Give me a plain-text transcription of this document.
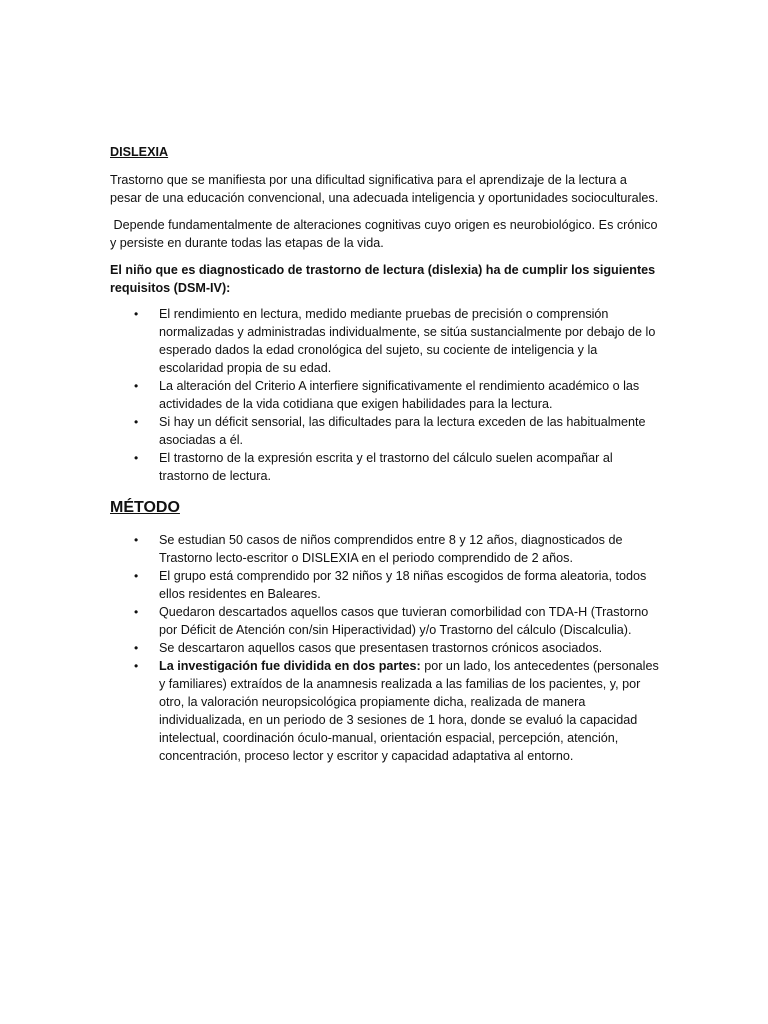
DISLEXIA

Trastorno que se manifiesta por una dificultad significativa para el aprendizaje de la lectura a pesar de una educación convencional, una adecuada inteligencia y oportunidades socioculturales.

Depende fundamentalmente de alteraciones cognitivas cuyo origen es neurobiológico. Es crónico y persiste en durante todas las etapas de la vida.

El niño que es diagnosticado de trastorno de lectura (dislexia) ha de cumplir los siguientes requisitos (DSM-IV):

• El rendimiento en lectura, medido mediante pruebas de precisión o comprensión normalizadas y administradas individualmente, se sitúa sustancialmente por debajo de lo esperado dados la edad cronológica del sujeto, su cociente de inteligencia y la escolaridad propia de su edad.
• La alteración del Criterio A interfiere significativamente el rendimiento académico o las actividades de la vida cotidiana que exigen habilidades para la lectura.
• Si hay un déficit sensorial, las dificultades para la lectura exceden de las habitualmente asociadas a él.
• El trastorno de la expresión escrita y el trastorno del cálculo suelen acompañar al trastorno de lectura.
MÉTODO
• Se estudian 50 casos de niños comprendidos entre 8 y 12 años, diagnosticados de Trastorno lecto-escritor o DISLEXIA en el periodo comprendido de 2 años.
• El grupo está comprendido por 32 niños y 18 niñas escogidos de forma aleatoria, todos ellos residentes en Baleares.
• Quedaron descartados aquellos casos que tuvieran comorbilidad con TDA-H (Trastorno por Déficit de Atención con/sin Hiperactividad) y/o Trastorno del cálculo (Discalculia).
• Se descartaron aquellos casos que presentasen trastornos crónicos asociados.
• La investigación fue dividida en dos partes: por un lado, los antecedentes (personales y familiares) extraídos de la anamnesis realizada a las familias de los pacientes, y, por otro, la valoración neuropsicológica propiamente dicha, realizada de manera individualizada, en un periodo de 3 sesiones de 1 hora, donde se evaluó la capacidad intelectual, coordinación óculo-manual, orientación espacial, percepción, atención, concentración, proceso lector y escritor y capacidad adaptativa al entorno.
